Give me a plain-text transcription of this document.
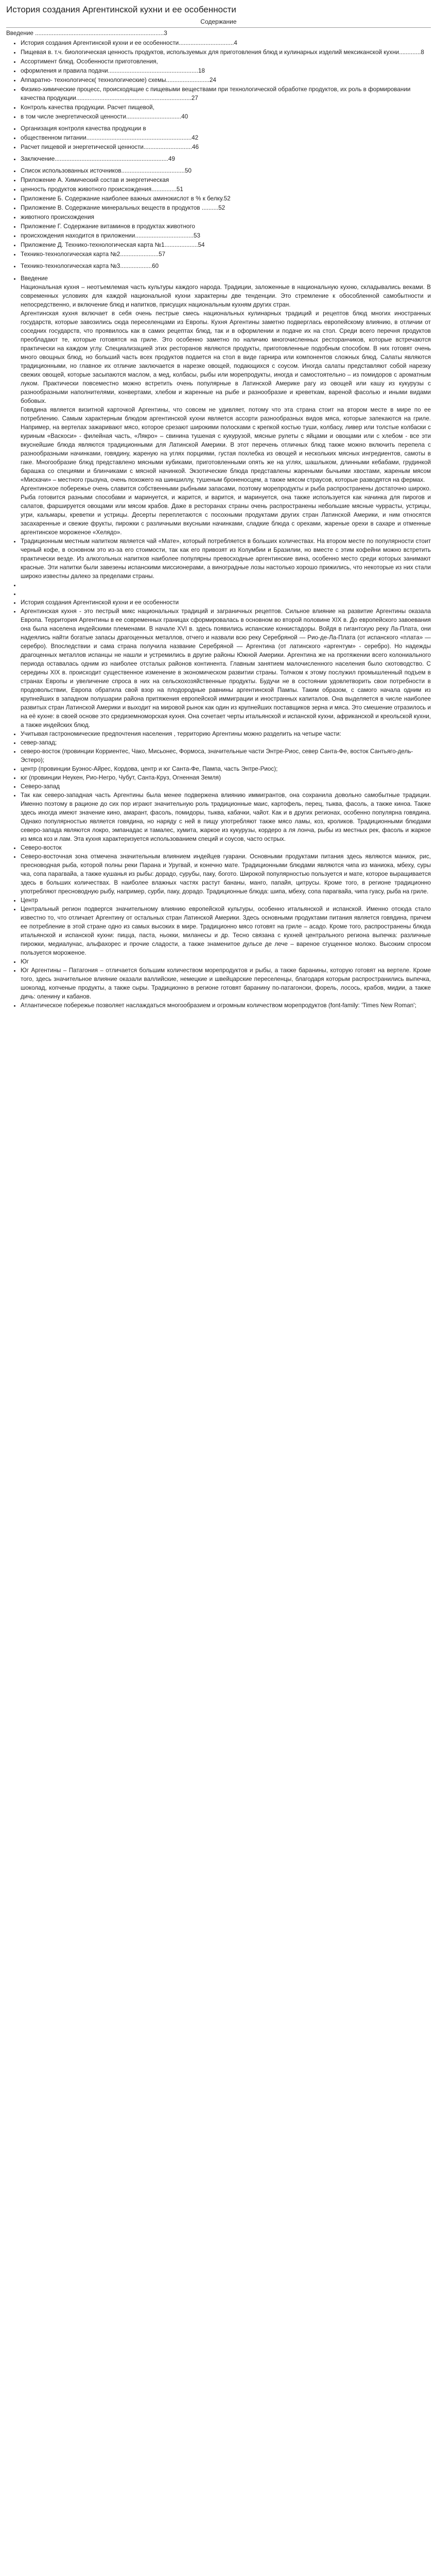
История создания Аргентинской кухни и ее особенности
Содержание
Введение .............................................................................3
• История создания Аргентинской кухни и ее особенности.................................4
• Пищевая в. т.ч. биологическая ценность продуктов, используемых для приготовления блюд и кулинарных изделий мексиканской кухни.............8
• Ассортимент блюд. Особенности приготовления,
• оформления и правила подачи......................................................18
• Аппаратно- технологическ( технологические) схемы..........................24
• Физико-химические процесс, происходящие с пищевыми веществами при технологической обработке продуктов, их роль в формировании качества продукции.....................................................................27
• Контроль качества продукции. Расчет пищевой,
• в том числе энергетической ценности.................................40
• Организация контроля качества продукции в
• общественном питании...............................................................42
• Расчет пищевой и энергетической ценности.............................46
• Заключение....................................................................49
• Список использованных источников......................................50
• Приложение А. Химический состав и энергетическая
• ценность продуктов животного происхождения...............51
• Приложение Б. Содержание наиболее важных аминокислот в % к белку.52
• Приложение В. Содержание минеральных веществ в продуктов ..........52
• животного происхождения
• Приложение Г. Содержание витаминов в продуктах животного
• происхождения находится в приложении...................................53
• Приложение Д. Технико-технологическая карта №1....................54
• Технико-технологическая карта №2.......................57
• Технико-технологическая карта №3...................60
• Введение

Национальная кухня – неотъемлемая часть культуры каждого народа. Традиции, заложенные в национальную кухню, складывались веками. В современных условиях для каждой национальной кухни характерны две тенденции. Это стремление к обособленной самобытности и непосредственно, и включение блюд и напитков, присущих национальным кухням других стран.

Аргентинская кухня включает в себя очень пестрые смесь национальных кулинарных традиций и рецептов блюд многих иностранных государств, которые завозились сюда переселенцами из Европы. Кухня Аргентины заметно подверглась европейскому влиянию, в отличии от соседних государств, что проявилось как в самих рецептах блюд, так и в оформлении и подаче их на стол. Среди всего перечня продуктов преобладают те, которые готовятся на гриле. Это особенно заметно по наличию многочисленных ресторанчиков, которые встречаются практически на каждом углу. Специализацией этих ресторанов являются продукты, приготовленные подобным способом. В них готовят очень много овощных блюд, но больший часть всех продуктов подается на стол в виде гарнира или компонентов сложных блюд. Салаты являются традиционными, но главное их отличие заключается в нарезке овощей, подающихся с соусом. Иногда салаты представляют собой нарезку свежих овощей, которые засыпаются маслом, а мед, колбасы, рыбы или морепродукты, иногда и самостоятельно – из помидоров с ароматным луком. Практически повсеместно можно встретить очень популярные в Латинской Америке рагу из овощей или кашу из кукурузы с разнообразными наполнителями, конвертами, хлебом и жаренные на рыбе и разнообразие и креветкам, вареной фасолью и иными видами бобовых.

Говядина является визитной карточкой Аргентины, что совсем не удивляет, потому что эта страна стоит на втором месте в мире по ее потреблению. Самым характерным блюдом аргентинской кухни является ассорти разнообразных видов мяса, которые запекаются на гриле. Например, на вертелах зажаривают мясо, которое срезают широкими полосками с крепкой костью туши, колбасу, ливер или толстые колбаски с куриным «Васкоси» - филейная часть, «Лякро» – свинина тушеная с кукурузой, мясные рулеты с яйцами и овощами или с хлебом - все эти вкуснейшие блюда являются традиционными для Латинской Америки. В этот перечень отличных блюд также можно включить перепела с разнообразными начинками, говядину, жареную на углях порциями, густая похлебка из овощей и нескольких мясных ингредиентов, самоты в гаке. Многообразие блюд представлено мясными кубиками, приготовленными опять же на углях, шашлыком, длинными кебабами, грудинкой барашка со специями и блинчиками с мясной начинкой. Экзотические блюда представлены жареными бычьими хвостами, жареным мясом «Мискачи» – местного грызуна, очень похожего на шиншиллу, тушеным броненосцем, а также мясом страусов, которые разводятся на фермах.

Аргентинское побережье очень славится собственными рыбными запасами, поэтому морепродукты и рыба распространены достаточно широко. Рыба готовится разными способами и маринуется, и жарится, и варится, и маринуется, она также используется как начинка для пирогов и салатов, фаршируется овощами или мясом крабов. Даже в ресторанах страны очень распространены небольшие мясные чуррасты, устрицы, угри, кальмары, креветки и устрицы. Десерты переплетаются с посохными продуктами других стран Латинской Америки, и ним относятся засахаренные и свежие фрукты, пирожки с различными вкусными начинками, сладкие блюда с орехами, жареные орехи в сахаре и отменные аргентинское мороженое «Хелядо».

• Традиционным местным напитком является чай «Мате», который потребляется в больших количествах. На втором месте по популярности стоит черный кофе, в основном это из-за его стоимости, так как его привозят из Колумбии и Бразилии, но вместе с этим кофейни можно встретить практически везде. Из алкогольных напитков наиболее популярны превосходные аргентинские вина, особенно место среди которых занимают красные. Эти напитки были завезены испанскими миссионерами, а виноградные лозы настолько хорошо прижились, что некоторые из них стали широко известны далеко за пределами страны.

•
•
• История создания Аргентинской кухни и ее особенности

• Аргентинская кухня - это пестрый микс национальных традиций и заграничных рецептов. Сильное влияние на развитие Аргентины оказала Европа. Территория Аргентины в ее современных границах сформировалась в основном во второй половине XIX в. До европейского завоевания она была населена индейскими племенами. В начале XVI в. здесь появились испанские конкистадоры. Войдя в гигантскую реку Ла-Плата, они надеялись найти богатые запасы драгоценных металлов, отчего и назвали всю реку Серебряной — Рио-де-Ла-Плата (от испанского «плата» — серебро). Впоследствии и сама страна получила название Серебряной — Аргентина (от латинского «аргентум» - серебро). Но надежды драгоценных металлов испанцы не нашли и устремились в другие районы Южной Америки. Аргентина же на протяжении всего колониального периода оставалась одним из наиболее отсталых районов континента. Главным занятием малочисленного населения было скотоводство. С середины XIX в. происходит существенное изменение в экономическом развитии страны. Толчком к этому послужил промышленный подъем в странах Европы и увеличение спроса в них на сельскохозяйственные продукты. Будучи не в состоянии удовлетворить свои потребности в продовольствии, Европа обратила свой взор на плодородные равнины аргентинской Пампы. Таким образом, с самого начала одним из крупнейших в западном полушарии района притяжения европейской иммиграции и иностранных капиталов. Она выделяется в числе наиболее развитых стран Латинской Америки и выходит на мировой рынок как один из крупнейших поставщиков зерна и мяса. Это смешение отразилось и на её кухне: в своей основе это средиземноморская кухня. Она сочетает черты итальянской и испанской кухни, африканской и креольской кухни, а также индейских блюд.

• Учитывая гастрономические предпочтения населения , территорию Аргентины можно разделить на четыре части:

• север-запад;
• северо-восток (провинции Корриентес, Чако, Мисьонес, Формоса, значительные части Энтре-Риос, север Санта-Фе, восток Сантьяго-дель-Эстеро);
• центр (провинции Буэнос-Айрес, Кордова, центр и юг Санта-Фе, Пампа, часть Энтре-Риос);
• юг (провинции Неукен, Рио-Негро, Чубут, Санта-Круз, Огненная Земля)
• Северо-запад

• Так как северо-западная часть Аргентины была менее подвержена влиянию иммигрантов, она сохранила довольно самобытные традиции. Именно поэтому в рационе до сих пор играют значительную роль традиционные маис, картофель, перец, тыква, фасоль, а также киноа. Также здесь иногда имеют значение кино, амарант, фасоль, помидоры, тыква, кабачки, чайот. Как и в других регионах, особенно популярна говядина. Однако популярностью является говядина, но наряду с ней в пищу употребляют также мясо ламы, коз, кроликов. Традиционными блюдами северо-запада являются локро, эмпанадас и тамалес, хумита, жаркое из кукурузы, кордеро а ля лонча, рыбы из местных рек, фасоль и жаркое из мяса коз и лам. Эта кухня характеризуется использованием специй и соусов, часто острых.

• Северо-восток

• Северо-восточная зона отмечена значительным влиянием индейцев гуарани. Основными продуктами питания здесь являются маниок, рис, пресноводная рыба, которой полны реки Парана и Уругвай, и конечно мате. Традиционными блюдами являются чипа из маниока, мбеху, суры чка, сопа парагвайа, а также кушанья из рыбы: дорадо, сурубы, пакy, богото. Широкой популярностью пользуется и мате, которое выращивается здесь в больших количествах. В наиболее влажных частях растут бананы, манго, папайя, цитрусы. Кроме того, в регионе традиционно употребляют пресноводную рыбу, например, сурби, пакy, дорадо. Традиционные блюда: шипа, мбеху, сопа парагвайа, чипа гуасу, рыба на гриле.

• Центр

• Центральный регион подвергся значительному влиянию европейской культуры, особенно итальянской и испанской. Именно отсюда стало известно то, что отличает Аргентину от остальных стран Латинской Америки. Здесь основными продуктами питания является говядина, причем ее потребление в этой стране одно из самых высоких в мире. Традиционно мясо готовят на гриле – асадо. Кроме того, распространены блюда итальянской и испанской кухни: пицца, паста, ньокки, миланесы и др. Тесно связана с кухней центрального региона выпечка: различные пирожки, медиалунас, альфахорес и прочие сладости, а также знаменитое дульсе де лече – вареное сгущенное молоко. Высоким спросом пользуется мороженое.

• Юг

• Юг Аргентины – Патагония – отличается большим количеством морепродуктов и рыбы, а также баранины, которую готовят на вертеле. Кроме того, здесь значительное влияние оказали валлийские, немецкие и швейцарские переселенцы, благодаря которым распространились выпечка, шоколад, копченые продукты, а также сыры. Традиционно в регионе готовят баранину по-патагонски, форель, лосось, крабов, мидии, а также дичь: оленину и кабанов.

• Атлантическое побережье позволяет наслаждаться многообразием и огромным количеством морепродуктов (font-family: 'Times New Roman';
